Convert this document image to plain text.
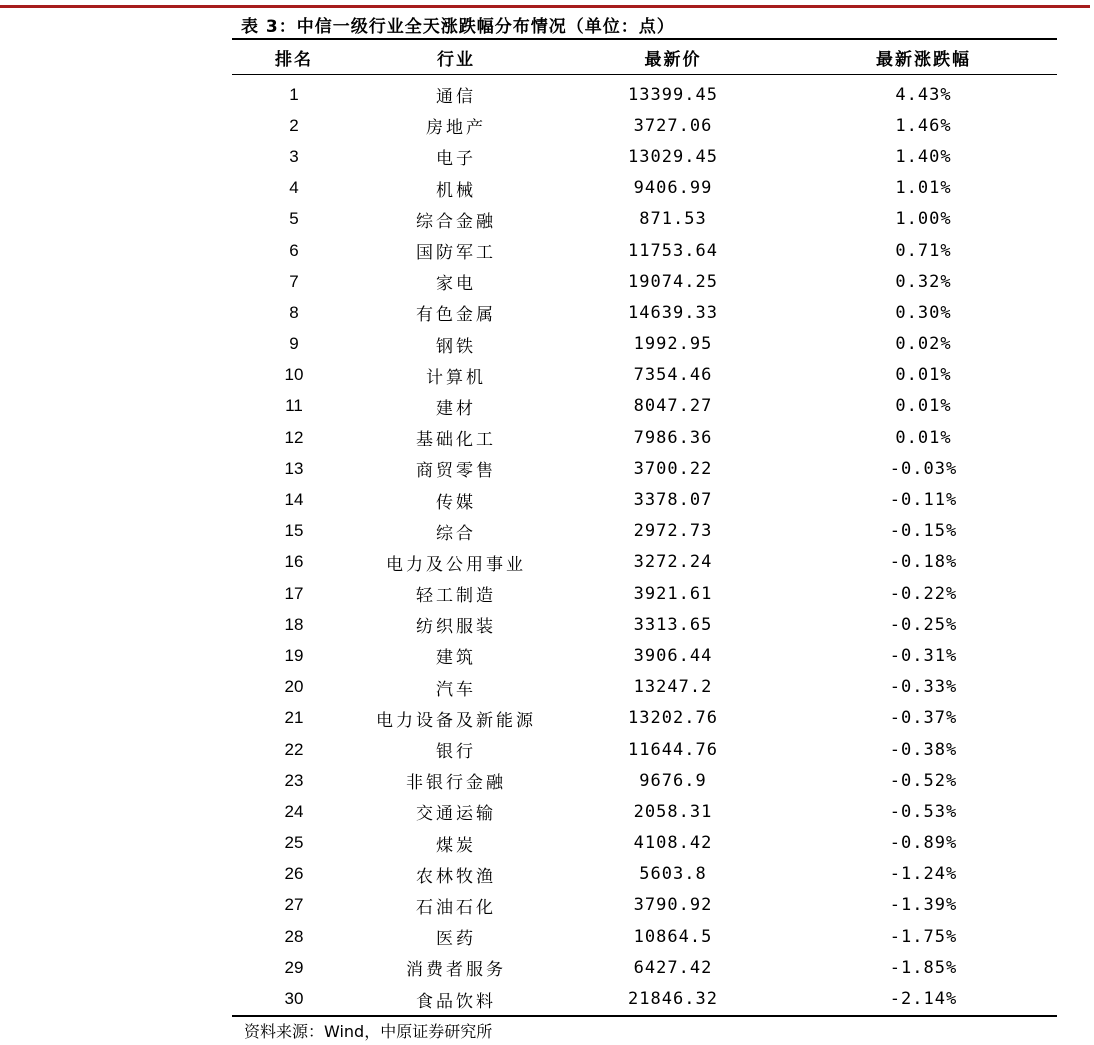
表 3：中信一级行业全天涨跌幅分布情况（单位：点）
排名	行业	最新价	最新涨跌幅
1	通信	13399.45	4.43%
2	房地产	3727.06	1.46%
3	电子	13029.45	1.40%
4	机械	9406.99	1.01%
5	综合金融	871.53	1.00%
6	国防军工	11753.64	0.71%
7	家电	19074.25	0.32%
8	有色金属	14639.33	0.30%
9	钢铁	1992.95	0.02%
10	计算机	7354.46	0.01%
11	建材	8047.27	0.01%
12	基础化工	7986.36	0.01%
13	商贸零售	3700.22	-0.03%
14	传媒	3378.07	-0.11%
15	综合	2972.73	-0.15%
16	电力及公用事业	3272.24	-0.18%
17	轻工制造	3921.61	-0.22%
18	纺织服装	3313.65	-0.25%
19	建筑	3906.44	-0.31%
20	汽车	13247.2	-0.33%
21	电力设备及新能源	13202.76	-0.37%
22	银行	11644.76	-0.38%
23	非银行金融	9676.9	-0.52%
24	交通运输	2058.31	-0.53%
25	煤炭	4108.42	-0.89%
26	农林牧渔	5603.8	-1.24%
27	石油石化	3790.92	-1.39%
28	医药	10864.5	-1.75%
29	消费者服务	6427.42	-1.85%
30	食品饮料	21846.32	-2.14%
资料来源：Wind，中原证券研究所
